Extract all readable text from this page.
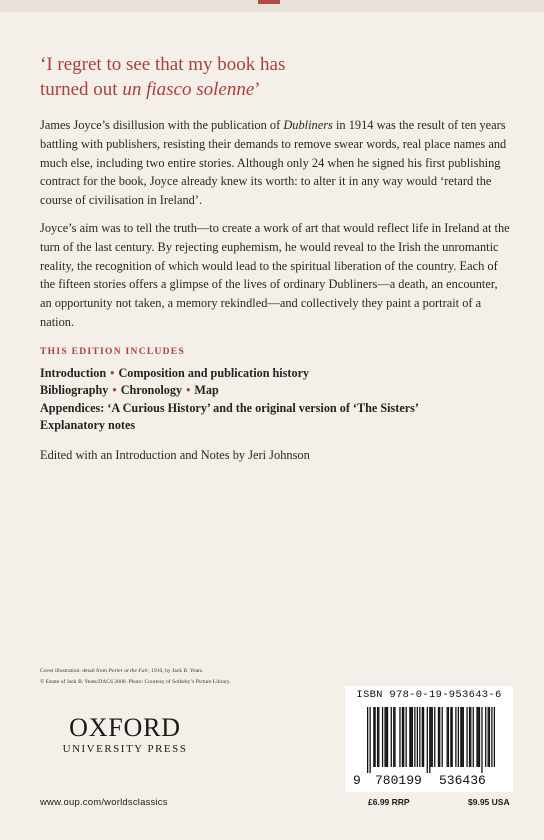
‘I regret to see that my book has
turned out un fiasco solenne’

James Joyce’s disillusion with the publication of Dubliners in 1914 was the result of ten years battling with publishers, resisting their demands to remove swear words, real place names and much else, including two entire stories. Although only 24 when he signed his first publishing contract for the book, Joyce already knew its worth: to alter it in any way would ‘retard the course of civilisation in Ireland’.

Joyce’s aim was to tell the truth—to create a work of art that would reflect life in Ireland at the turn of the last century. By rejecting euphemism, he would reveal to the Irish the unromantic reality, the recognition of which would lead to the spiritual liberation of the country. Each of the fifteen stories offers a glimpse of the lives of ordinary Dubliners—a death, an encounter, an opportunity not taken, a memory rekindled—and collectively they paint a portrait of a nation.

THIS EDITION INCLUDES
Introduction • Composition and publication history
Bibliography • Chronology • Map
Appendices: ‘A Curious History’ and the original version of ‘The Sisters’
Explanatory notes
Edited with an Introduction and Notes by Jeri Johnson
Cover illustration: detail from Porter at the Fair, 1910, by Jack B. Yeats.
© Estate of Jack B. Yeats/DACS 2008. Photo: Courtesy of Sotheby’s Picture Library.
OXFORD
UNIVERSITY PRESS
www.oup.com/worldsclassics
ISBN 978-0-19-953643-6
9 780199 536436
£6.99 RRP	$9.95 USA
